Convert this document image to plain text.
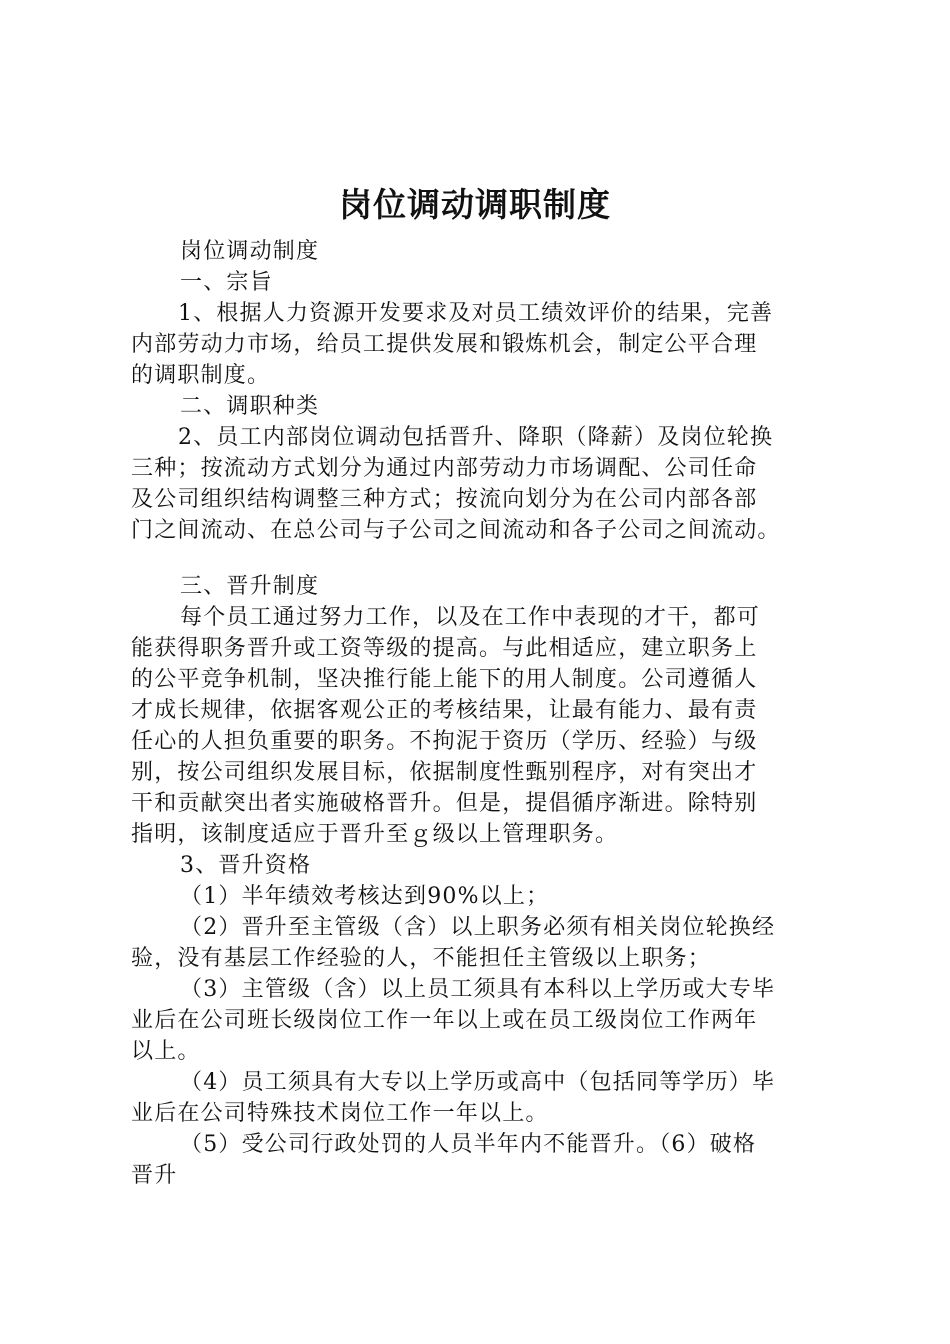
岗位调动调职制度
岗位调动制度
一、宗旨
1、根据人力资源开发要求及对员工绩效评价的结果，完善
内部劳动力市场，给员工提供发展和锻炼机会，制定公平合理
的调职制度。
二、调职种类
2、员工内部岗位调动包括晋升、降职（降薪）及岗位轮换
三种；按流动方式划分为通过内部劳动力市场调配、公司任命
及公司组织结构调整三种方式；按流向划分为在公司内部各部
门之间流动、在总公司与子公司之间流动和各子公司之间流动。
三、晋升制度
每个员工通过努力工作，以及在工作中表现的才干，都可
能获得职务晋升或工资等级的提高。与此相适应，建立职务上
的公平竞争机制，坚决推行能上能下的用人制度。公司遵循人
才成长规律，依据客观公正的考核结果，让最有能力、最有责
任心的人担负重要的职务。不拘泥于资历（学历、经验）与级
别，按公司组织发展目标，依据制度性甄别程序，对有突出才
干和贡献突出者实施破格晋升。但是，提倡循序渐进。除特别
指明，该制度适应于晋升至ｇ级以上管理职务。
3、晋升资格
（1）半年绩效考核达到90%以上；
（2）晋升至主管级（含）以上职务必须有相关岗位轮换经
验，没有基层工作经验的人，不能担任主管级以上职务；
（3）主管级（含）以上员工须具有本科以上学历或大专毕
业后在公司班长级岗位工作一年以上或在员工级岗位工作两年
以上。
（4）员工须具有大专以上学历或高中（包括同等学历）毕
业后在公司特殊技术岗位工作一年以上。
（5）受公司行政处罚的人员半年内不能晋升。（6）破格
晋升
